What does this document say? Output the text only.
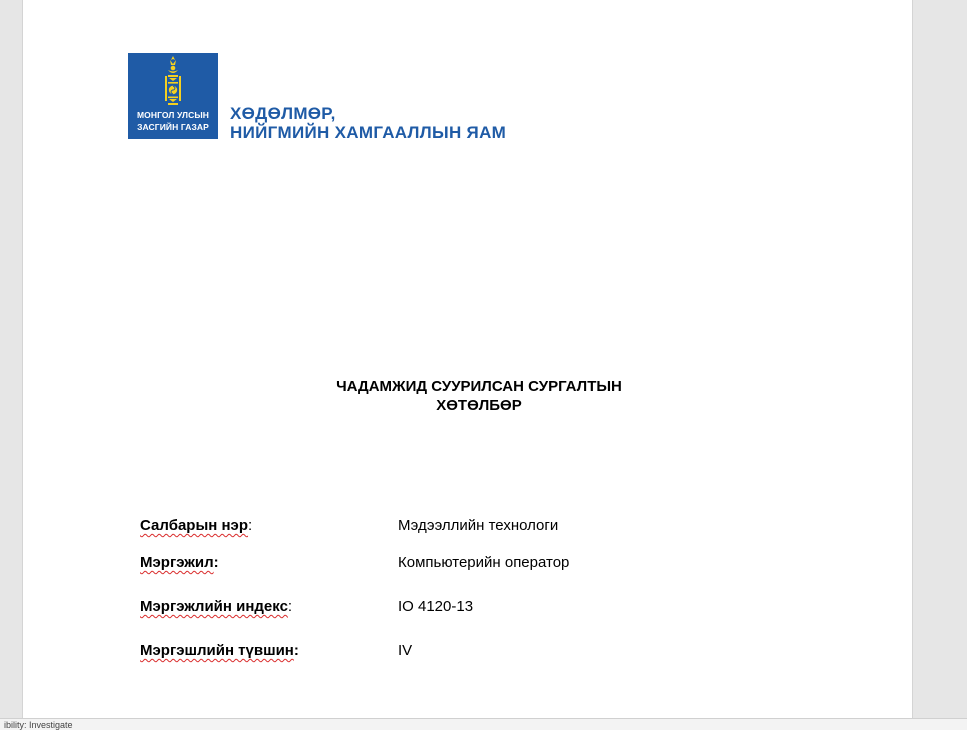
МОНГОЛ УЛСЫН
ЗАСГИЙН ГАЗАР
ХӨДӨЛМӨР,
НИЙГМИЙН ХАМГААЛЛЫН ЯАМ
ЧАДАМЖИД СУУРИЛСАН СУРГАЛТЫН
ХӨТӨЛБӨР
Салбарын нэр:	Мэдээллийн технологи
Мэргэжил:	Компьютерийн оператор
Мэргэжлийн индекс:	IO 4120-13
Мэргэшлийн түвшин:	IV
ibility: Investigate
